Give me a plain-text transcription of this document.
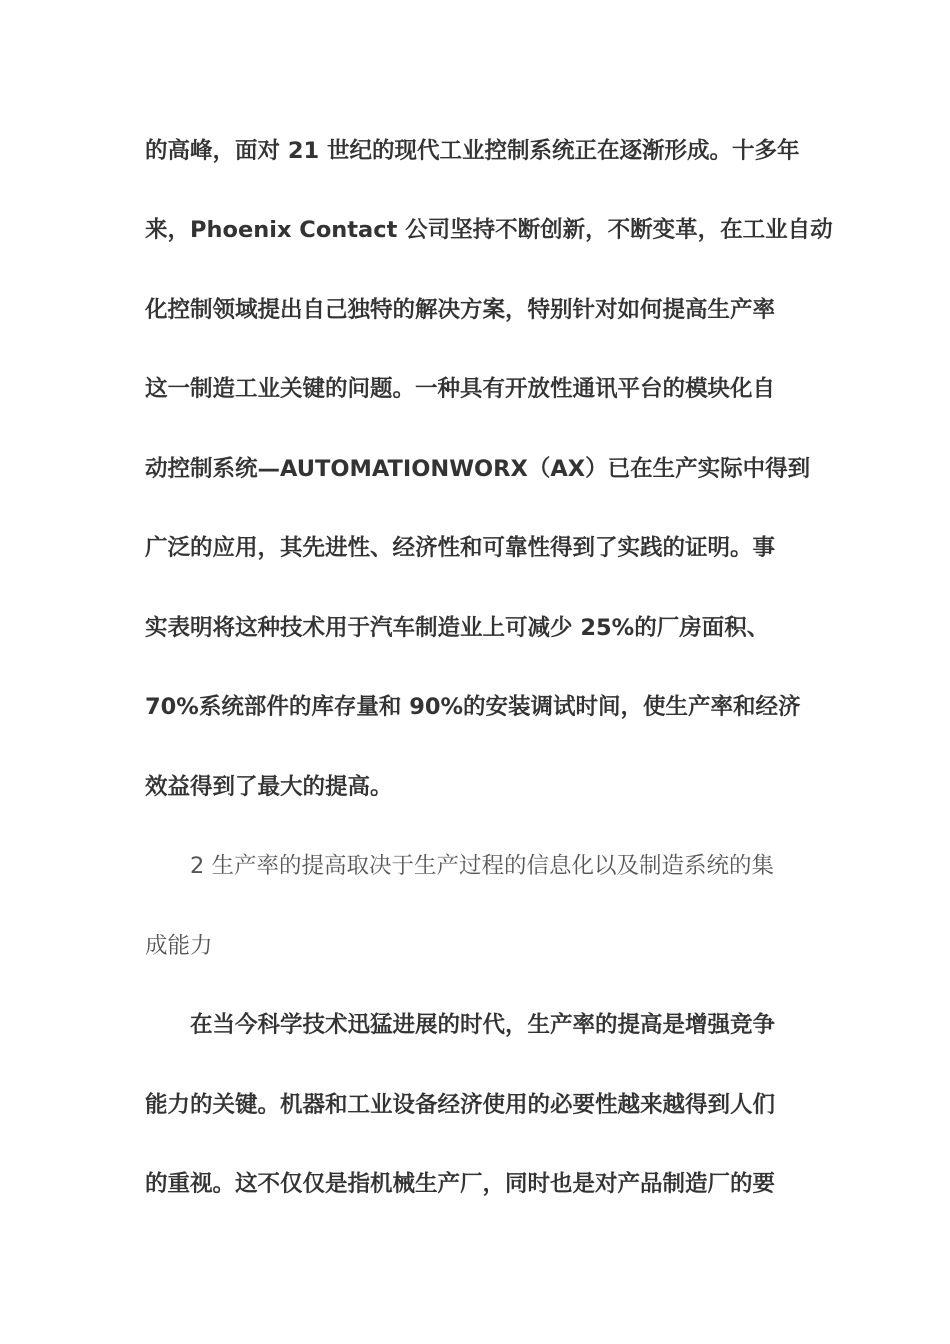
的高峰，面对 21 世纪的现代工业控制系统正在逐渐形成。十多年
来，Phoenix Contact 公司坚持不断创新，不断变革，在工业自动
化控制领域提出自己独特的解决方案，特别针对如何提高生产率
这一制造工业关键的问题。一种具有开放性通讯平台的模块化自
动控制系统—AUTOMATIONWORX（AX）已在生产实际中得到
广泛的应用，其先进性、经济性和可靠性得到了实践的证明。事
实表明将这种技术用于汽车制造业上可减少 25%的厂房面积、
70%系统部件的库存量和 90%的安装调试时间，使生产率和经济
效益得到了最大的提高。
2 生产率的提高取决于生产过程的信息化以及制造系统的集
成能力
在当今科学技术迅猛进展的时代，生产率的提高是增强竞争
能力的关键。机器和工业设备经济使用的必要性越来越得到人们
的重视。这不仅仅是指机械生产厂，同时也是对产品制造厂的要
